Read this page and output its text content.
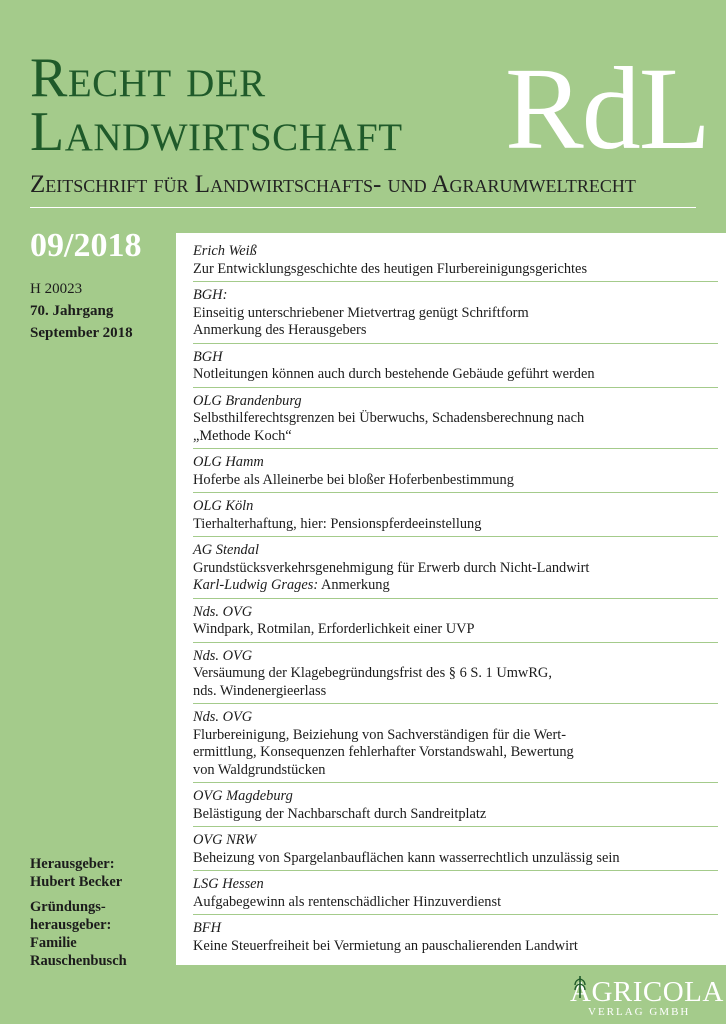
Recht der
Landwirtschaft RdL
Zeitschrift für Landwirtschafts- und Agrarumweltrecht
09/2018
H 20023
70. Jahrgang
September 2018
Erich Weiß
Zur Entwicklungsgeschichte des heutigen Flurbereinigungsgerichtes
BGH:
Einseitig unterschriebener Mietvertrag genügt Schriftform
Anmerkung des Herausgebers
BGH
Notleitungen können auch durch bestehende Gebäude geführt werden
OLG Brandenburg
Selbsthilferechtsgrenzen bei Überwuchs, Schadensberechnung nach
„Methode Koch“
OLG Hamm
Hoferbe als Alleinerbe bei bloßer Hoferbenbestimmung
OLG Köln
Tierhalterhaftung, hier: Pensionspferdeeinstellung
AG Stendal
Grundstücksverkehrsgenehmigung für Erwerb durch Nicht-Landwirt
Karl-Ludwig Grages: Anmerkung
Nds. OVG
Windpark, Rotmilan, Erforderlichkeit einer UVP
Nds. OVG
Versäumung der Klagebegründungsfrist des § 6 S. 1 UmwRG,
nds. Windenergieerlass
Nds. OVG
Flurbereinigung, Beiziehung von Sachverständigen für die Wert-
ermittlung, Konsequenzen fehlerhafter Vorstandswahl, Bewertung
von Waldgrundstücken
OVG Magdeburg
Belästigung der Nachbarschaft durch Sandreitplatz
OVG NRW
Beheizung von Spargelanbauflächen kann wasserrechtlich unzulässig sein
LSG Hessen
Aufgabegewinn als rentenschädlicher Hinzuverdienst
BFH
Keine Steuerfreiheit bei Vermietung an pauschalierenden Landwirt
Herausgeber:
Hubert Becker
Gründungs-
herausgeber:
Familie
Rauschenbusch
AGRICOLA
VERLAG GMBH
